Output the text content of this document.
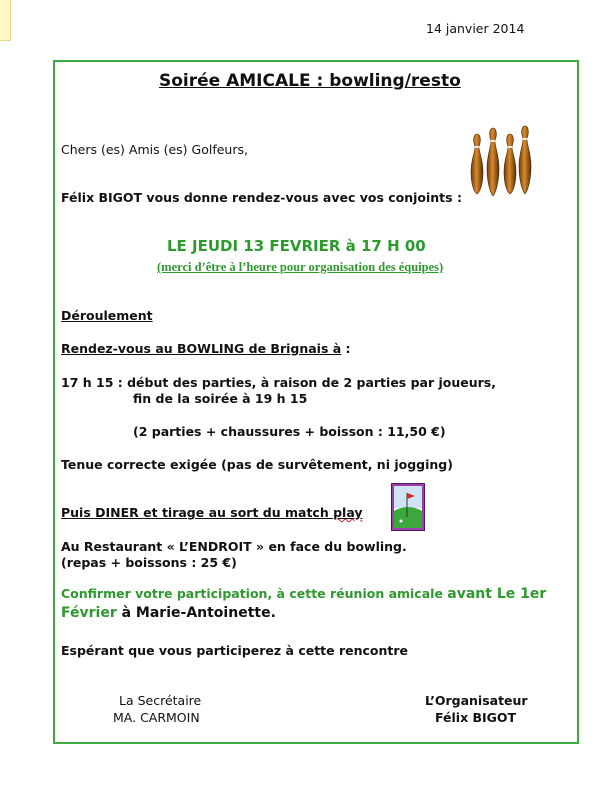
14 janvier 2014
Soirée AMICALE : bowling/resto
Chers (es) Amis (es) Golfeurs,
Félix BIGOT vous donne rendez-vous avec vos conjoints :
LE JEUDI 13 FEVRIER à 17 H 00
(merci d’être à l’heure pour organisation des équipes)
Déroulement
Rendez-vous au BOWLING de Brignais à :
17 h 15 : début des parties, à raison de 2 parties par joueurs,
fin de la soirée à 19 h 15
(2 parties + chaussures + boisson : 11,50 €)
Tenue correcte exigée (pas de survêtement, ni jogging)
Puis DINER et tirage au sort du match play
Au Restaurant « L’ENDROIT » en face du bowling.
(repas + boissons : 25 €)
Confirmer votre participation, à cette réunion amicale avant Le 1er
Février à Marie-Antoinette.
Espérant que vous participerez à cette rencontre
La Secrétaire
MA. CARMOIN
L’Organisateur
Félix BIGOT
